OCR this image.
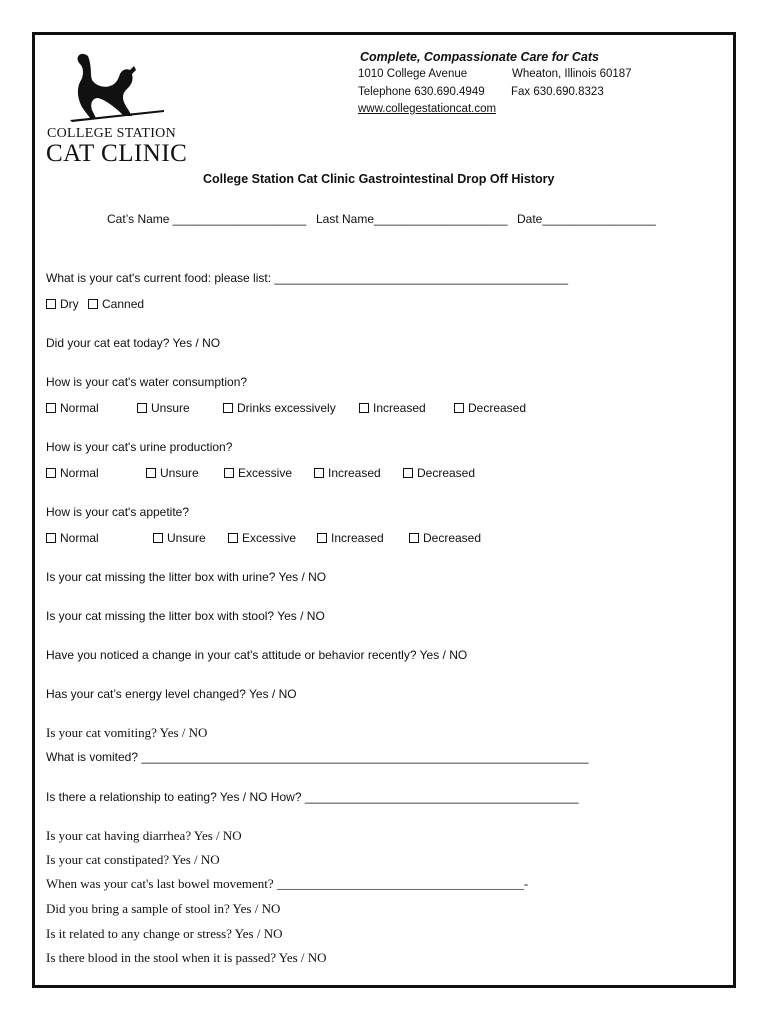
COLLEGE STATION
CAT CLINIC
Complete, Compassionate Care for Cats
1010 College Avenue	Wheaton, Illinois 60187
Telephone 630.690.4949 Fax 630.690.8323
www.collegestationcat.com
College Station Cat Clinic Gastrointestinal Drop Off History
Cat’s Name ____________________ Last Name____________________ Date_________________
What is your cat's current food: please list: ____________________________________________
Dry Canned
Did your cat eat today? Yes / NO
How is your cat's water consumption?
Normal	Unsure	Drinks excessively	Increased	Decreased
How is your cat's urine production?
Normal	Unsure	Excessive	Increased	Decreased
How is your cat's appetite?
Normal	Unsure	Excessive	Increased	Decreased
Is your cat missing the litter box with urine? Yes / NO
Is your cat missing the litter box with stool? Yes / NO
Have you noticed a change in your cat's attitude or behavior recently? Yes / NO
Has your cat’s energy level changed? Yes / NO
Is your cat vomiting? Yes / NO
What is vomited? ___________________________________________________________________
Is there a relationship to eating? Yes / NO How? _________________________________________
Is your cat having diarrhea? Yes / NO
Is your cat constipated? Yes / NO
When was your cat's last bowel movement? ______________________________________-
Did you bring a sample of stool in? Yes / NO
Is it related to any change or stress? Yes / NO
Is there blood in the stool when it is passed? Yes / NO
